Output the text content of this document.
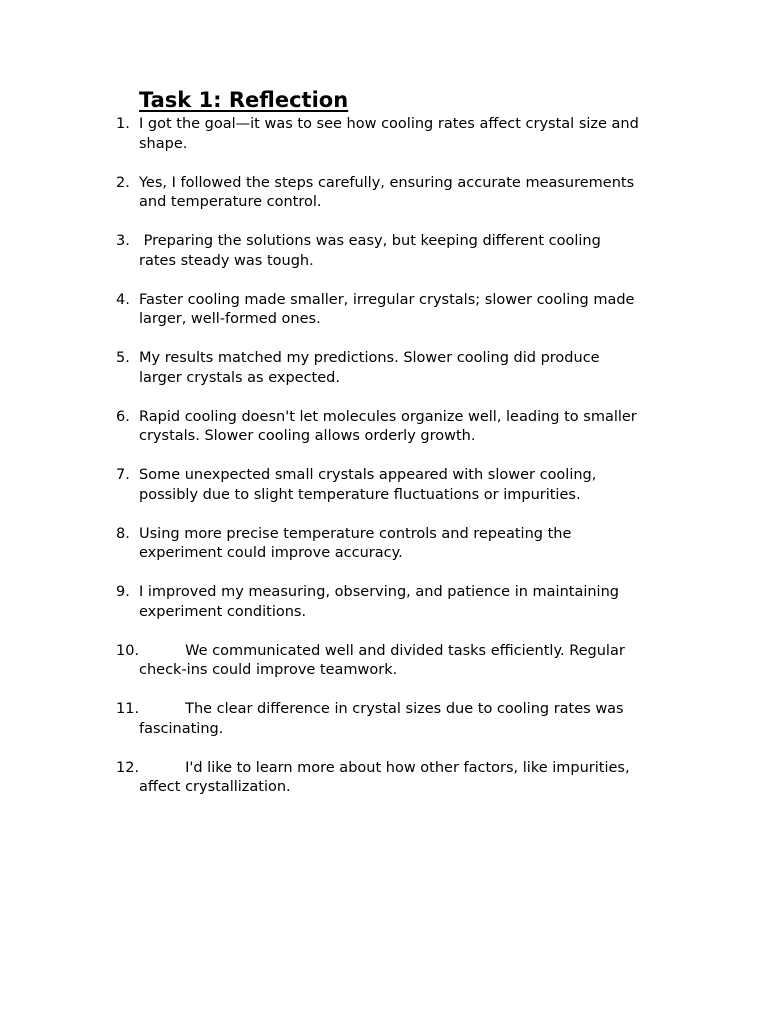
Task 1: Reflection
1. I got the goal—it was to see how cooling rates affect crystal size and
shape.
2. Yes, I followed the steps carefully, ensuring accurate measurements
and temperature control.
3. Preparing the solutions was easy, but keeping different cooling
rates steady was tough.
4. Faster cooling made smaller, irregular crystals; slower cooling made
larger, well-formed ones.
5. My results matched my predictions. Slower cooling did produce
larger crystals as expected.
6. Rapid cooling doesn't let molecules organize well, leading to smaller
crystals. Slower cooling allows orderly growth.
7. Some unexpected small crystals appeared with slower cooling,
possibly due to slight temperature fluctuations or impurities.
8. Using more precise temperature controls and repeating the
experiment could improve accuracy.
9. I improved my measuring, observing, and patience in maintaining
experiment conditions.
10.	We communicated well and divided tasks efficiently. Regular
check-ins could improve teamwork.
11.	The clear difference in crystal sizes due to cooling rates was
fascinating.
12.	I'd like to learn more about how other factors, like impurities,
affect crystallization.
